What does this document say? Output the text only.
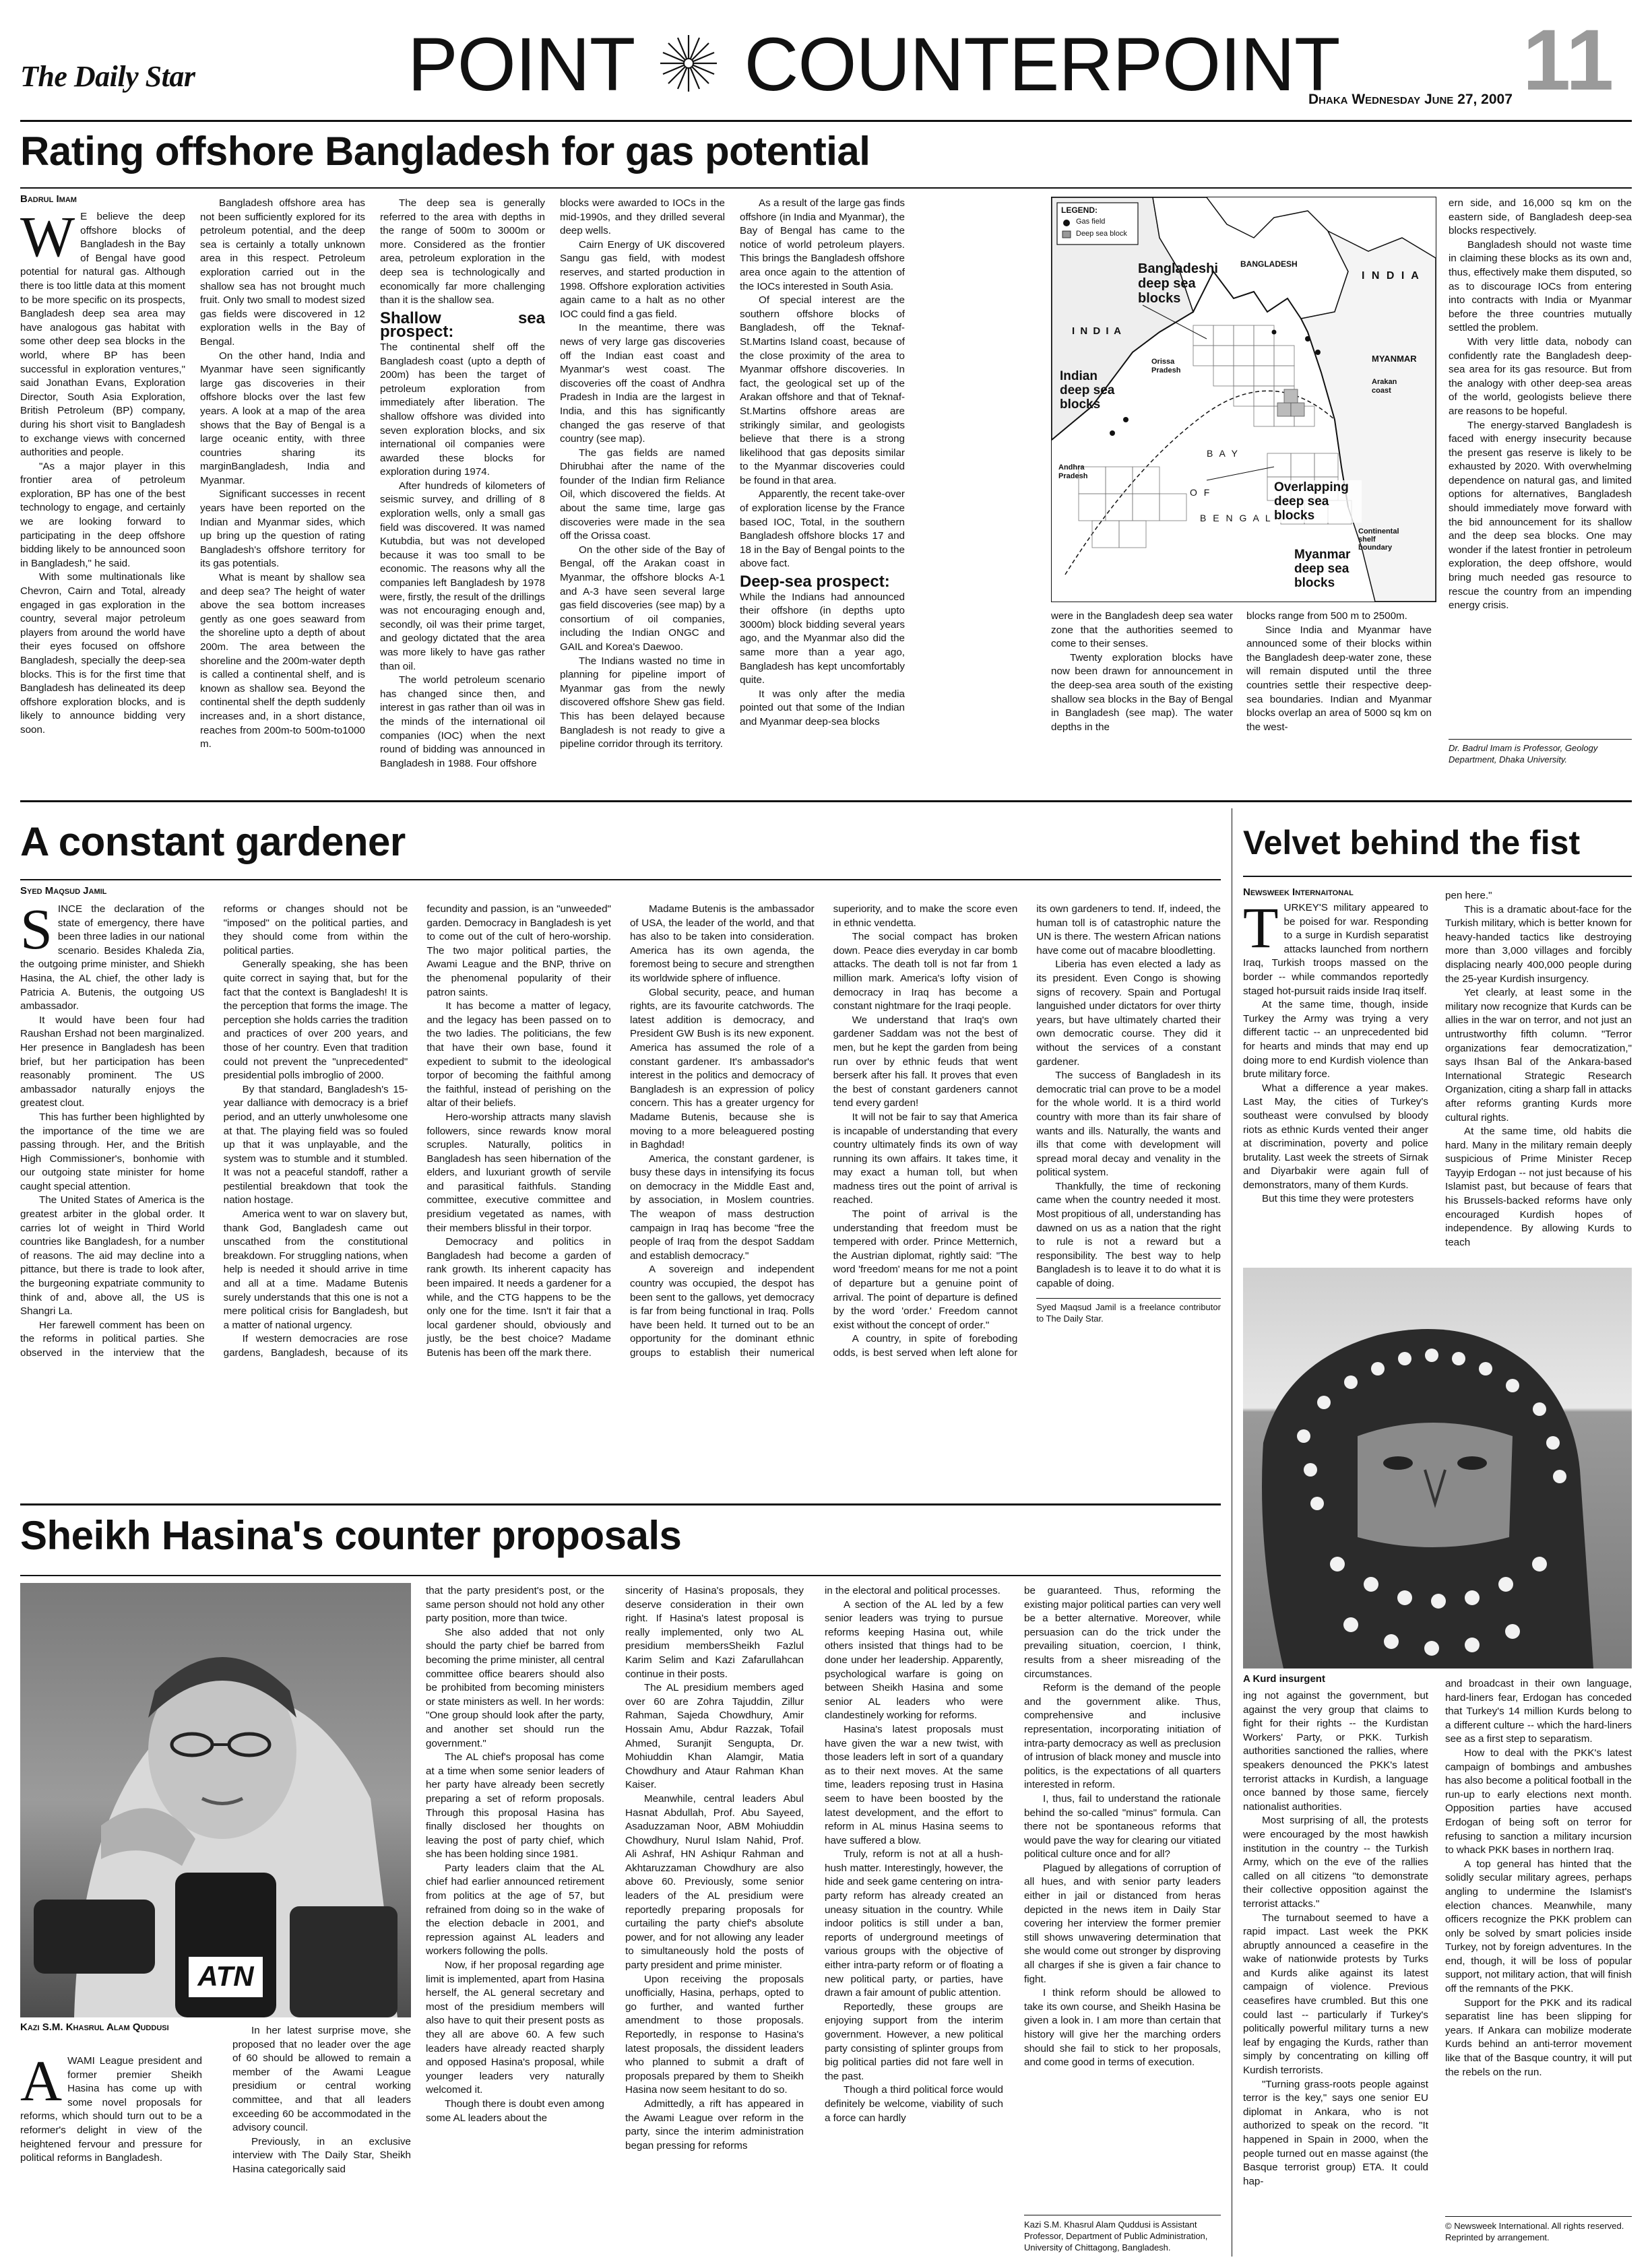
The Daily Star	POINT COUNTERPOINT
Dhaka Wednesday June 27, 2007 11
Rating offshore Bangladesh for gas potential
Badrul Imam
W E believe the deep offshore blocks of Bangladesh in the Bay of Bengal have good potential for natural gas. Although there is too little data at this moment to be more specific on its prospects, Bangladesh deep sea area may have analogous gas habitat with some other deep sea blocks in the world, where BP has been successful in exploration ventures," said Jonathan Evans, Exploration Director, South Asia Exploration, British Petroleum (BP) company, during his short visit to Bangladesh to exchange views with concerned authorities and people.

"As a major player in this frontier area of petroleum exploration, BP has one of the best technology to engage, and certainly we are looking forward to participating in the deep offshore bidding likely to be announced soon in Bangladesh," he said.

With some multinationals like Chevron, Cairn and Total, already engaged in gas exploration in the country, several major petroleum players from around the world have their eyes focused on offshore Bangladesh, specially the deep-sea blocks. This is for the first time that Bangladesh has delineated its deep offshore exploration blocks, and is likely to announce bidding very soon.

Bangladesh offshore area has not been sufficiently explored for its petroleum potential, and the deep sea is certainly a totally unknown area in this respect. Petroleum exploration carried out in the shallow sea has not brought much fruit. Only two small to modest sized gas fields were discovered in 12 exploration wells in the Bay of Bengal.

On the other hand, India and Myanmar have seen significantly large gas discoveries in their offshore blocks over the last few years. A look at a map of the area shows that the Bay of Bengal is a large oceanic entity, with three countries sharing its marginBangladesh, India and Myanmar.

Significant successes in recent years have been reported on the Indian and Myanmar sides, which up bring up the question of rating Bangladesh's offshore territory for its gas potentials.

What is meant by shallow sea and deep sea? The height of water above the sea bottom increases gently as one goes seaward from the shoreline upto a depth of about 200m. The area between the shoreline and the 200m-water depth is called a continental shelf, and is known as shallow sea. Beyond the continental shelf the depth suddenly increases and, in a short distance, reaches from 200m-to 500m-to1000 m.

The deep sea is generally referred to the area with depths in the range of 500m to 3000m or more. Considered as the frontier area, petroleum exploration in the deep sea is technologically and economically far more challenging than it is the shallow sea.

Shallow sea prospect:

The continental shelf off the Bangladesh coast (upto a depth of 200m) has been the target of petroleum exploration from immediately after liberation. The shallow offshore was divided into seven exploration blocks, and six international oil companies were awarded these blocks for exploration during 1974.

After hundreds of kilometers of seismic survey, and drilling of 8 exploration wells, only a small gas field was discovered. It was named Kutubdia, but was not developed because it was too small to be economic. The reasons why all the companies left Bangladesh by 1978 were, firstly, the result of the drillings was not encouraging enough and, secondly, oil was their prime target, and geology dictated that the area was more likely to have gas rather than oil.

The world petroleum scenario has changed since then, and interest in gas rather than oil was in the minds of the international oil companies (IOC) when the next round of bidding was announced in Bangladesh in 1988. Four offshore

blocks were awarded to IOCs in the mid-1990s, and they drilled several deep wells.

Cairn Energy of UK discovered Sangu gas field, with modest reserves, and started production in 1998. Offshore exploration activities again came to a halt as no other IOC could find a gas field.

In the meantime, there was news of very large gas discoveries off the Indian east coast and Myanmar's west coast. The discoveries off the coast of Andhra Pradesh in India are the largest in India, and this has significantly changed the gas reserve of that country (see map).

The gas fields are named Dhirubhai after the name of the founder of the Indian firm Reliance Oil, which discovered the fields. At about the same time, large gas discoveries were made in the sea off the Orissa coast.

On the other side of the Bay of Bengal, off the Arakan coast in Myanmar, the offshore blocks A-1 and A-3 have seen several large gas field discoveries (see map) by a consortium of oil companies, including the Indian ONGC and GAIL and Korea's Daewoo.

The Indians wasted no time in planning for pipeline import of Myanmar gas from the newly discovered offshore Shew gas field. This has been delayed because Bangladesh is not ready to give a pipeline corridor through its territory.

As a result of the large gas finds offshore (in India and Myanmar), the Bay of Bengal has came to the notice of world petroleum players. This brings the Bangladesh offshore area once again to the attention of the IOCs interested in South Asia.

Of special interest are the southern offshore blocks of Bangladesh, off the Teknaf-St.Martins Island coast, because of the close proximity of the area to Myanmar offshore discoveries. In fact, the geological set up of the Arakan offshore and that of Teknaf-St.Martins offshore areas are strikingly similar, and geologists believe that there is a strong likelihood that gas deposits similar to the Myanmar discoveries could be found in that area.

Apparently, the recent take-over of exploration license by the France based IOC, Total, in the southern Bangladesh offshore blocks 17 and 18 in the Bay of Bengal points to the above fact.

Deep-sea prospect:

While the Indians had announced their offshore (in depths upto 3000m) block bidding several years ago, and the Myanmar also did the same more than a year ago, Bangladesh has kept uncomfortably quite.

It was only after the media pointed out that some of the Indian and Myanmar deep-sea blocks

LEGEND:
Gas field
Deep sea block
Bangladeshi deep sea blocks
BANGLADESH
I N D I A
I N D I A
MYANMAR
Orissa Pradesh
Arakan coast
Indian deep sea blocks
Andhra Pradesh
B A Y
O F
B E N G A L
Overlapping deep sea blocks
Continental shelf boundary
Myanmar deep sea blocks

were in the Bangladesh deep sea water zone that the authorities seemed to come to their senses.

Twenty exploration blocks have now been drawn for announcement in the deep-sea area south of the existing shallow sea blocks in the Bay of Bengal in Bangladesh (see map). The water depths in the

blocks range from 500 m to 2500m.

Since India and Myanmar have announced some of their blocks within the Bangladesh deep-water zone, these will remain disputed until the three countries settle their respective deep-sea boundaries. Indian and Myanmar blocks overlap an area of 5000 sq km on the west-

ern side, and 16,000 sq km on the eastern side, of Bangladesh deep-sea blocks respectively.

Bangladesh should not waste time in claiming these blocks as its own and, thus, effectively make them disputed, so as to discourage IOCs from entering into contracts with India or Myanmar before the three countries mutually settled the problem.

With very little data, nobody can confidently rate the Bangladesh deep-sea area for its gas resource. But from the analogy with other deep-sea areas of the world, geologists believe there are reasons to be hopeful.

The energy-starved Bangladesh is faced with energy insecurity because the present gas reserve is likely to be exhausted by 2020. With overwhelming dependence on natural gas, and limited options for alternatives, Bangladesh should immediately move forward with the bid announcement for its shallow and the deep sea blocks. One may wonder if the latest frontier in petroleum exploration, the deep offshore, would bring much needed gas resource to rescue the country from an impending energy crisis.

Dr. Badrul Imam is Professor, Geology Department, Dhaka University.
A constant gardener
Syed Maqsud Jamil
S INCE the declaration of the state of emergency, there have been three ladies in our national scenario. Besides Khaleda Zia, the outgoing prime minister, and Shiekh Hasina, the AL chief, the other lady is Patricia A. Butenis, the outgoing US ambassador.

It would have been four had Raushan Ershad not been marginalized. Her presence in Bangladesh has been brief, but her participation has been reasonably prominent. The US ambassador naturally enjoys the greatest clout.

This has further been highlighted by the importance of the time we are passing through. Her, and the British High Commissioner's, bonhomie with our outgoing state minister for home caught special attention.

The United States of America is the greatest arbiter in the global order. It carries lot of weight in Third World countries like Bangladesh, for a number of reasons. The aid may decline into a pittance, but there is trade to look after, the burgeoning expatriate community to think of and, above all, the US is Shangri La.

Her farewell comment has been on the reforms in political parties. She observed in the interview that the reforms or changes should not be "imposed" on the political parties, and they should come from within the political parties.

Generally speaking, she has been quite correct in saying that, but for the fact that the context is Bangladesh! It is the perception that forms the image. The perception she holds carries the tradition and practices of over 200 years, and those of her country. Even that tradition could not prevent the "unprecedented" presidential polls imbroglio of 2000.

By that standard, Bangladesh's 15-year dalliance with democracy is a brief period, and an utterly unwholesome one at that. The playing field was so fouled up that it was unplayable, and the system was to stumble and it stumbled. It was not a peaceful standoff, rather a pestilential breakdown that took the nation hostage.

America went to war on slavery but, thank God, Bangladesh came out unscathed from the constitutional breakdown. For struggling nations, when help is needed it should arrive in time and all at a time. Madame Butenis surely understands that this one is not a mere political crisis for Bangladesh, but a matter of national urgency.

If western democracies are rose gardens, Bangladesh, because of its fecundity and passion, is an "unweeded" garden. Democracy in Bangladesh is yet to come out of the cult of hero-worship. The two major political parties, the Awami League and the BNP, thrive on the phenomenal popularity of their patron saints.

It has become a matter of legacy, and the legacy has been passed on to the two ladies. The politicians, the few that have their own base, found it expedient to submit to the ideological torpor of becoming the faithful among the faithful, instead of perishing on the altar of their beliefs.

Hero-worship attracts many slavish followers, since rewards know moral scruples. Naturally, politics in Bangladesh has seen hibernation of the elders, and luxuriant growth of servile and parasitical faithfuls. Standing committee, executive committee and presidium vegetated as names, with their members blissful in their torpor.

Democracy and politics in Bangladesh had become a garden of rank growth. Its inherent capacity has been impaired. It needs a gardener for a while, and the CTG happens to be the only one for the time. Isn't it fair that a local gardener should, obviously and justly, be the best choice? Madame Butenis has been off the mark there.

Madame Butenis is the ambassador of USA, the leader of the world, and that has also to be taken into consideration. America has its own agenda, the foremost being to secure and strengthen its worldwide sphere of influence.

Global security, peace, and human rights, are its favourite catchwords. The latest addition is democracy, and President GW Bush is its new exponent. America has assumed the role of a constant gardener. It's ambassador's interest in the politics and democracy of Bangladesh is an expression of policy concern. This has a greater urgency for Madame Butenis, because she is moving to a more beleaguered posting in Baghdad!

America, the constant gardener, is busy these days in intensifying its focus on democracy in the Middle East and, by association, in Moslem countries. The weapon of mass destruction campaign in Iraq has become "free the people of Iraq from the despot Saddam and establish democracy."

A sovereign and independent country was occupied, the despot has been sent to the gallows, yet democracy is far from being functional in Iraq. Polls have been held. It turned out to be an opportunity for the dominant ethnic groups to establish their numerical superiority, and to make the score even in ethnic vendetta.

The social compact has broken down. Peace dies everyday in car bomb attacks. The death toll is not far from 1 million mark. America's lofty vision of democracy in Iraq has become a constant nightmare for the Iraqi people.

We understand that Iraq's own gardener Saddam was not the best of men, but he kept the garden from being run over by ethnic feuds that went berserk after his fall. It proves that even the best of constant gardeners cannot tend every garden!

It will not be fair to say that America is incapable of understanding that every country ultimately finds its own of way running its own affairs. It takes time, it may exact a human toll, but when madness tires out the point of arrival is reached.

The point of arrival is the understanding that freedom must be tempered with order. Prince Metternich, the Austrian diplomat, rightly said: "The word 'freedom' means for me not a point of departure but a genuine point of arrival. The point of departure is defined by the word 'order.' Freedom cannot exist without the concept of order."

A country, in spite of foreboding odds, is best served when left alone for its own gardeners to tend. If, indeed, the human toll is of catastrophic nature the UN is there. The western African nations have come out of macabre bloodletting.

Liberia has even elected a lady as its president. Even Congo is showing signs of recovery. Spain and Portugal languished under dictators for over thirty years, but have ultimately charted their own democratic course. They did it without the services of a constant gardener.

The success of Bangladesh in its democratic trial can prove to be a model for the whole world. It is a third world country with more than its fair share of wants and ills. Naturally, the wants and ills that come with development will spread moral decay and venality in the political system.

Thankfully, the time of reckoning came when the country needed it most. Most propitious of all, understanding has dawned on us as a nation that the right to rule is not a reward but a responsibility. The best way to help Bangladesh is to leave it to do what it is capable of doing.

Syed Maqsud Jamil is a freelance contributor to The Daily Star.
Velvet behind the fist
Newsweek Internaitonal
T URKEY'S military appeared to be poised for war. Responding to a surge in Kurdish separatist attacks launched from northern Iraq, Turkish troops massed on the border -- while commandos reportedly staged hot-pursuit raids inside Iraq itself.

At the same time, though, inside Turkey the Army was trying a very different tactic -- an unprecedented bid for hearts and minds that may end up doing more to end Kurdish violence than brute military force.

What a difference a year makes. Last May, the cities of Turkey's southeast were convulsed by bloody riots as ethnic Kurds vented their anger at discrimination, poverty and police brutality. Last week the streets of Sirnak and Diyarbakir were again full of demonstrators, many of them Kurds.

But this time they were protesters

pen here."

This is a dramatic about-face for the Turkish military, which is better known for heavy-handed tactics like destroying more than 3,000 villages and forcibly displacing nearly 400,000 people during the 25-year Kurdish insurgency.

Yet clearly, at least some in the military now recognize that Kurds can be allies in the war on terror, and not just an untrustworthy fifth column. "Terror organizations fear democratization," says Ihsan Bal of the Ankara-based International Strategic Research Organization, citing a sharp fall in attacks after reforms granting Kurds more cultural rights.

At the same time, old habits die hard. Many in the military remain deeply suspicious of Prime Minister Recep Tayyip Erdogan -- not just because of his Islamist past, but because of fears that his Brussels-backed reforms have only encouraged Kurdish hopes of independence. By allowing Kurds to teach

A Kurd insurgent

ing not against the government, but against the very group that claims to fight for their rights -- the Kurdistan Workers' Party, or PKK. Turkish authorities sanctioned the rallies, where speakers denounced the PKK's latest terrorist attacks in Kurdish, a language once banned by those same, fiercely nationalist authorities.

Most surprising of all, the protests were encouraged by the most hawkish institution in the country -- the Turkish Army, which on the eve of the rallies called on all citizens "to demonstrate their collective opposition against the terrorist attacks."

The turnabout seemed to have a rapid impact. Last week the PKK abruptly announced a ceasefire in the wake of nationwide protests by Turks and Kurds alike against its latest campaign of violence. Previous ceasefires have crumbled. But this one could last -- particularly if Turkey's politically powerful military turns a new leaf by engaging the Kurds, rather than simply by concentrating on killing off Kurdish terrorists.

"Turning grass-roots people against terror is the key," says one senior EU diplomat in Ankara, who is not authorized to speak on the record. "It happened in Spain in 2000, when the people turned out en masse against (the Basque terrorist group) ETA. It could hap-

and broadcast in their own language, hard-liners fear, Erdogan has conceded that Turkey's 14 million Kurds belong to a different culture -- which the hard-liners see as a first step to separatism.

How to deal with the PKK's latest campaign of bombings and ambushes has also become a political football in the run-up to early elections next month. Opposition parties have accused Erdogan of being soft on terror for refusing to sanction a military incursion to whack PKK bases in northern Iraq.

A top general has hinted that the solidly secular military agrees, perhaps angling to undermine the Islamist's election chances. Meanwhile, many officers recognize the PKK problem can only be solved by smart policies inside Turkey, not by foreign adventures. In the end, though, it will be loss of popular support, not military action, that will finish off the remnants of the PKK.

Support for the PKK and its radical separatist line has been slipping for years. If Ankara can mobilize moderate Kurds behind an anti-terror movement like that of the Basque country, it will put the rebels on the run.

© Newsweek International. All rights reserved. Reprinted by arrangement.
Sheikh Hasina's counter proposals
ATN
Kazi S.M. Khasrul Alam Quddusi
A WAMI League president and former premier Sheikh Hasina has come up with some novel proposals for reforms, which should turn out to be a reformer's delight in view of the heightened fervour and pressure for political reforms in Bangladesh.

In her latest surprise move, she proposed that no leader over the age of 60 should be allowed to remain a member of the Awami League presidium or central working committee, and that all leaders exceeding 60 be accommodated in the advisory council.

Previously, in an exclusive interview with The Daily Star, Sheikh Hasina categorically said

that the party president's post, or the same person should not hold any other party position, more than twice.

She also added that not only should the party chief be barred from becoming the prime minister, all central committee office bearers should also be prohibited from becoming ministers or state ministers as well. In her words: "One group should look after the party, and another set should run the government."

The AL chief's proposal has come at a time when some senior leaders of her party have already been secretly preparing a set of reform proposals. Through this proposal Hasina has finally disclosed her thoughts on leaving the post of party chief, which she has been holding since 1981.

Party leaders claim that the AL chief had earlier announced retirement from politics at the age of 57, but refrained from doing so in the wake of the election debacle in 2001, and repression against AL leaders and workers following the polls.

Now, if her proposal regarding age limit is implemented, apart from Hasina herself, the AL general secretary and most of the presidium members will also have to quit their present posts as they all are above 60. A few such leaders have already reacted sharply and opposed Hasina's proposal, while younger leaders very naturally welcomed it.

Though there is doubt even among some AL leaders about the

sincerity of Hasina's proposals, they deserve consideration in their own right. If Hasina's latest proposal is really implemented, only two AL presidium membersSheikh Fazlul Karim Selim and Kazi Zafarullahcan continue in their posts.

The AL presidium members aged over 60 are Zohra Tajuddin, Zillur Rahman, Sajeda Chowdhury, Amir Hossain Amu, Abdur Razzak, Tofail Ahmed, Suranjit Sengupta, Dr. Mohiuddin Khan Alamgir, Matia Chowdhury and Ataur Rahman Khan Kaiser.

Meanwhile, central leaders Abul Hasnat Abdullah, Prof. Abu Sayeed, Asaduzzaman Noor, ABM Mohiuddin Chowdhury, Nurul Islam Nahid, Prof. Ali Ashraf, HN Ashiqur Rahman and Akhtaruzzaman Chowdhury are also above 60. Previously, some senior leaders of the AL presidium were reportedly preparing proposals for curtailing the party chief's absolute power, and for not allowing any leader to simultaneously hold the posts of party president and prime minister.

Upon receiving the proposals unofficially, Hasina, perhaps, opted to go further, and wanted further amendment to those proposals. Reportedly, in response to Hasina's latest proposals, the dissident leaders who planned to submit a draft of proposals prepared by them to Sheikh Hasina now seem hesitant to do so.

Admittedly, a rift has appeared in the Awami League over reform in the party, since the interim administration began pressing for reforms

in the electoral and political processes.

A section of the AL led by a few senior leaders was trying to pursue reforms keeping Hasina out, while others insisted that things had to be done under her leadership. Apparently, psychological warfare is going on between Sheikh Hasina and some senior AL leaders who were clandestinely working for reforms.

Hasina's latest proposals must have given the war a new twist, with those leaders left in sort of a quandary as to their next moves. At the same time, leaders reposing trust in Hasina seem to have been boosted by the latest development, and the effort to reform in AL minus Hasina seems to have suffered a blow.

Truly, reform is not at all a hush-hush matter. Interestingly, however, the hide and seek game centering on intra-party reform has already created an uneasy situation in the country. While indoor politics is still under a ban, reports of underground meetings of various groups with the objective of either intra-party reform or of floating a new political party, or parties, have drawn a fair amount of public attention.

Reportedly, these groups are enjoying support from the interim government. However, a new political party consisting of splinter groups from big political parties did not fare well in the past.

Though a third political force would definitely be welcome, viability of such a force can hardly

be guaranteed. Thus, reforming the existing major political parties can very well be a better alternative. Moreover, while persuasion can do the trick under the prevailing situation, coercion, I think, results from a sheer misreading of the circumstances.

Reform is the demand of the people and the government alike. Thus, comprehensive and inclusive representation, incorporating initiation of intra-party democracy as well as preclusion of intrusion of black money and muscle into politics, is the expectations of all quarters interested in reform.

I, thus, fail to understand the rationale behind the so-called "minus" formula. Can there not be spontaneous reforms that would pave the way for clearing our vitiated political culture once and for all?

Plagued by allegations of corruption of all hues, and with senior party leaders either in jail or distanced from heras depicted in the news item in Daily Star covering her interview the former premier still shows unwavering determination that she would come out stronger by disproving all charges if she is given a fair chance to fight.

I think reform should be allowed to take its own course, and Sheikh Hasina be given a look in. I am more than certain that history will give her the marching orders should she fail to stick to her proposals, and come good in terms of execution.

Kazi S.M. Khasrul Alam Quddusi is Assistant Professor, Department of Public Administration, University of Chittagong, Bangladesh.
